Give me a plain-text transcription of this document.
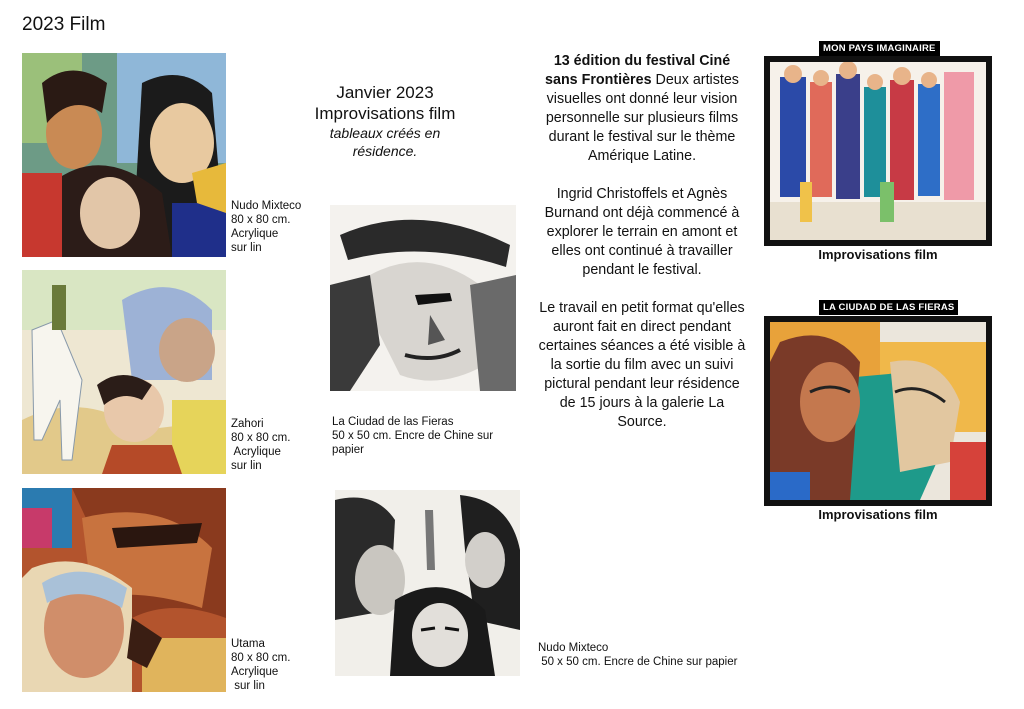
2023 Film
Nudo Mixteco
80 x 80 cm.
Acrylique
sur lin
Zahori
80 x 80 cm.
Acrylique
sur lin
Utama
80 x 80 cm.
Acrylique
sur lin
Janvier 2023
Improvisations film
tableaux créés en
résidence.
La Ciudad de las Fieras
50 x 50 cm. Encre de Chine sur
papier
Nudo Mixteco
50 x 50 cm. Encre de Chine sur papier

13 édition du festival Ciné sans Frontières Deux artistes visuelles ont donné leur vision personnelle sur plusieurs films durant le festival sur le thème Amérique Latine.

Ingrid Christoffels et Agnès Burnand ont déjà commencé à explorer le terrain en amont et elles ont continué à travailler pendant le festival.

Le travail en petit format qu'elles auront fait en direct pendant certaines séances a été visible à la sortie du film avec un suivi pictural pendant leur résidence de 15 jours à la galerie La Source.

MON PAYS IMAGINAIRE
Improvisations film
LA CIUDAD DE LAS FIERAS
Improvisations film
